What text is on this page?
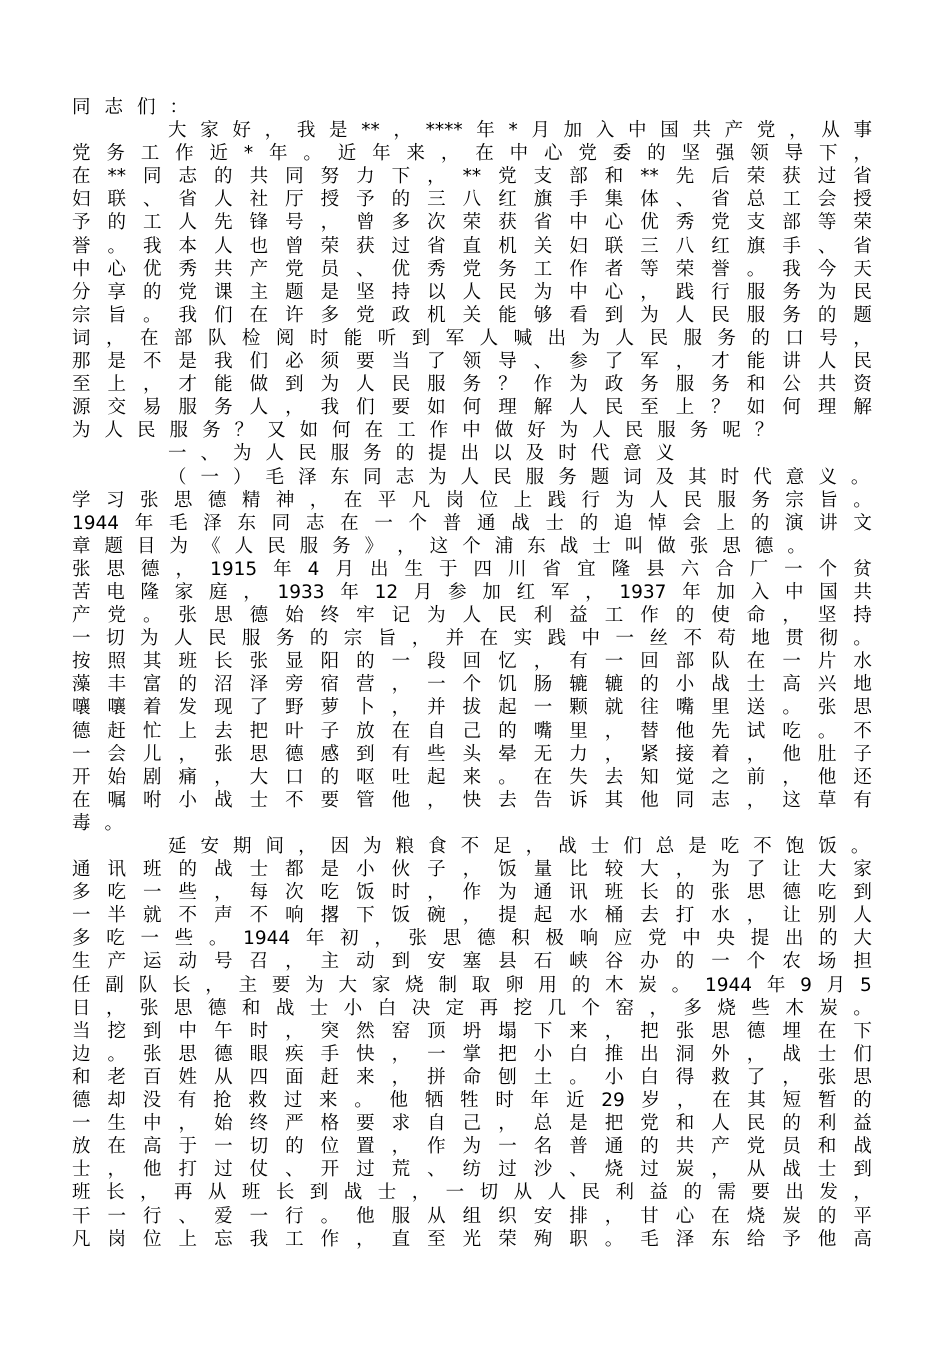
同 志 们 ：
大 家 好 ， 我 是 ** ， **** 年 * 月 加 入 中 国 共 产 党 ， 从 事
党 务 工 作 近 * 年 。 近 年 来 ， 在 中 心 党 委 的 坚 强 领 导 下 ，
在 ** 同 志 的 共 同 努 力 下 ， ** 党 支 部 和 ** 先 后 荣 获 过 省
妇 联 、 省 人 社 厅 授 予 的 三 八 红 旗 手 集 体 、 省 总 工 会 授
予 的 工 人 先 锋 号 ， 曾 多 次 荣 获 省 中 心 优 秀 党 支 部 等 荣
誉 。 我 本 人 也 曾 荣 获 过 省 直 机 关 妇 联 三 八 红 旗 手 、 省
中 心 优 秀 共 产 党 员 、 优 秀 党 务 工 作 者 等 荣 誉 。 我 今 天
分 享 的 党 课 主 题 是 坚 持 以 人 民 为 中 心 ， 践 行 服 务 为 民
宗 旨 。 我 们 在 许 多 党 政 机 关 能 够 看 到 为 人 民 服 务 的 题
词 ， 在 部 队 检 阅 时 能 听 到 军 人 喊 出 为 人 民 服 务 的 口 号 ，
那 是 不 是 我 们 必 须 要 当 了 领 导 、 参 了 军 ， 才 能 讲 人 民
至 上 ， 才 能 做 到 为 人 民 服 务 ？ 作 为 政 务 服 务 和 公 共 资
源 交 易 服 务 人 ， 我 们 要 如 何 理 解 人 民 至 上 ？ 如 何 理 解
为 人 民 服 务 ？ 又 如 何 在 工 作 中 做 好 为 人 民 服 务 呢 ？
一 、 为 人 民 服 务 的 提 出 以 及 时 代 意 义
（ 一 ） 毛 泽 东 同 志 为 人 民 服 务 题 词 及 其 时 代 意 义 。
学 习 张 思 德 精 神 ， 在 平 凡 岗 位 上 践 行 为 人 民 服 务 宗 旨 。
1944 年 毛 泽 东 同 志 在 一 个 普 通 战 士 的 追 悼 会 上 的 演 讲 文
章 题 目 为 《 人 民 服 务 》 ， 这 个 浦 东 战 士 叫 做 张 思 德 。
张 思 德 ， 1915 年 4 月 出 生 于 四 川 省 宜 隆 县 六 合 厂 一 个 贫
苦 电 隆 家 庭 ， 1933 年 12 月 参 加 红 军 ， 1937 年 加 入 中 国 共
产 党 。 张 思 德 始 终 牢 记 为 人 民 利 益 工 作 的 使 命 ， 坚 持
一 切 为 人 民 服 务 的 宗 旨 ， 并 在 实 践 中 一 丝 不 苟 地 贯 彻 。
按 照 其 班 长 张 显 阳 的 一 段 回 忆 ， 有 一 回 部 队 在 一 片 水
藻 丰 富 的 沼 泽 旁 宿 营 ， 一 个 饥 肠 辘 辘 的 小 战 士 高 兴 地
嚷 嚷 着 发 现 了 野 萝 卜 ， 并 拔 起 一 颗 就 往 嘴 里 送 。 张 思
德 赶 忙 上 去 把 叶 子 放 在 自 己 的 嘴 里 ， 替 他 先 试 吃 。 不
一 会 儿 ， 张 思 德 感 到 有 些 头 晕 无 力 ， 紧 接 着 ， 他 肚 子
开 始 剧 痛 ， 大 口 的 呕 吐 起 来 。 在 失 去 知 觉 之 前 ， 他 还
在 嘱 咐 小 战 士 不 要 管 他 ， 快 去 告 诉 其 他 同 志 ， 这 草 有
毒 。
延 安 期 间 ， 因 为 粮 食 不 足 ， 战 士 们 总 是 吃 不 饱 饭 。
通 讯 班 的 战 士 都 是 小 伙 子 ， 饭 量 比 较 大 ， 为 了 让 大 家
多 吃 一 些 ， 每 次 吃 饭 时 ， 作 为 通 讯 班 长 的 张 思 德 吃 到
一 半 就 不 声 不 响 撂 下 饭 碗 ， 提 起 水 桶 去 打 水 ， 让 别 人
多 吃 一 些 。 1944 年 初 ， 张 思 德 积 极 响 应 党 中 央 提 出 的 大
生 产 运 动 号 召 ， 主 动 到 安 塞 县 石 峡 谷 办 的 一 个 农 场 担
任 副 队 长 ， 主 要 为 大 家 烧 制 取 卵 用 的 木 炭 。 1944 年 9 月 5
日 ， 张 思 德 和 战 士 小 白 决 定 再 挖 几 个 窑 ， 多 烧 些 木 炭 。
当 挖 到 中 午 时 ， 突 然 窑 顶 坍 塌 下 来 ， 把 张 思 德 埋 在 下
边 。 张 思 德 眼 疾 手 快 ， 一 掌 把 小 白 推 出 洞 外 ， 战 士 们
和 老 百 姓 从 四 面 赶 来 ， 拼 命 刨 土 。 小 白 得 救 了 ， 张 思
德 却 没 有 抢 救 过 来 。 他 牺 牲 时 年 近 29 岁 ， 在 其 短 暂 的
一 生 中 ， 始 终 严 格 要 求 自 己 ， 总 是 把 党 和 人 民 的 利 益
放 在 高 于 一 切 的 位 置 ， 作 为 一 名 普 通 的 共 产 党 员 和 战
士 ， 他 打 过 仗 、 开 过 荒 、 纺 过 沙 、 烧 过 炭 ， 从 战 士 到
班 长 ， 再 从 班 长 到 战 士 ， 一 切 从 人 民 利 益 的 需 要 出 发 ，
干 一 行 、 爱 一 行 。 他 服 从 组 织 安 排 ， 甘 心 在 烧 炭 的 平
凡 岗 位 上 忘 我 工 作 ， 直 至 光 荣 殉 职 。 毛 泽 东 给 予 他 高
